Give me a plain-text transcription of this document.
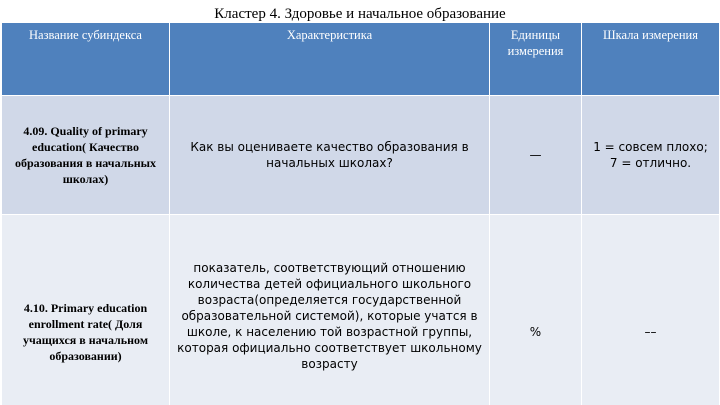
Кластер 4. Здоровье и начальное образование
Название субиндекса	Характеристика	Единицы измерения	Шкала измерения
4.09. Quality of primary education( Качество образования в начальных школах)	Как вы оцениваете качество образования в начальных школах?	—	1 = совсем плохо; 7 = отлично.
4.10. Primary education enrollment rate( Доля учащихся в начальном образовании)	показатель, соответствующий отношению количества детей официального школьного возраста(определяется государственной образовательной системой), которые учатся в школе, к населению той возрастной группы, которая официально соответствует школьному возрасту	%	––
